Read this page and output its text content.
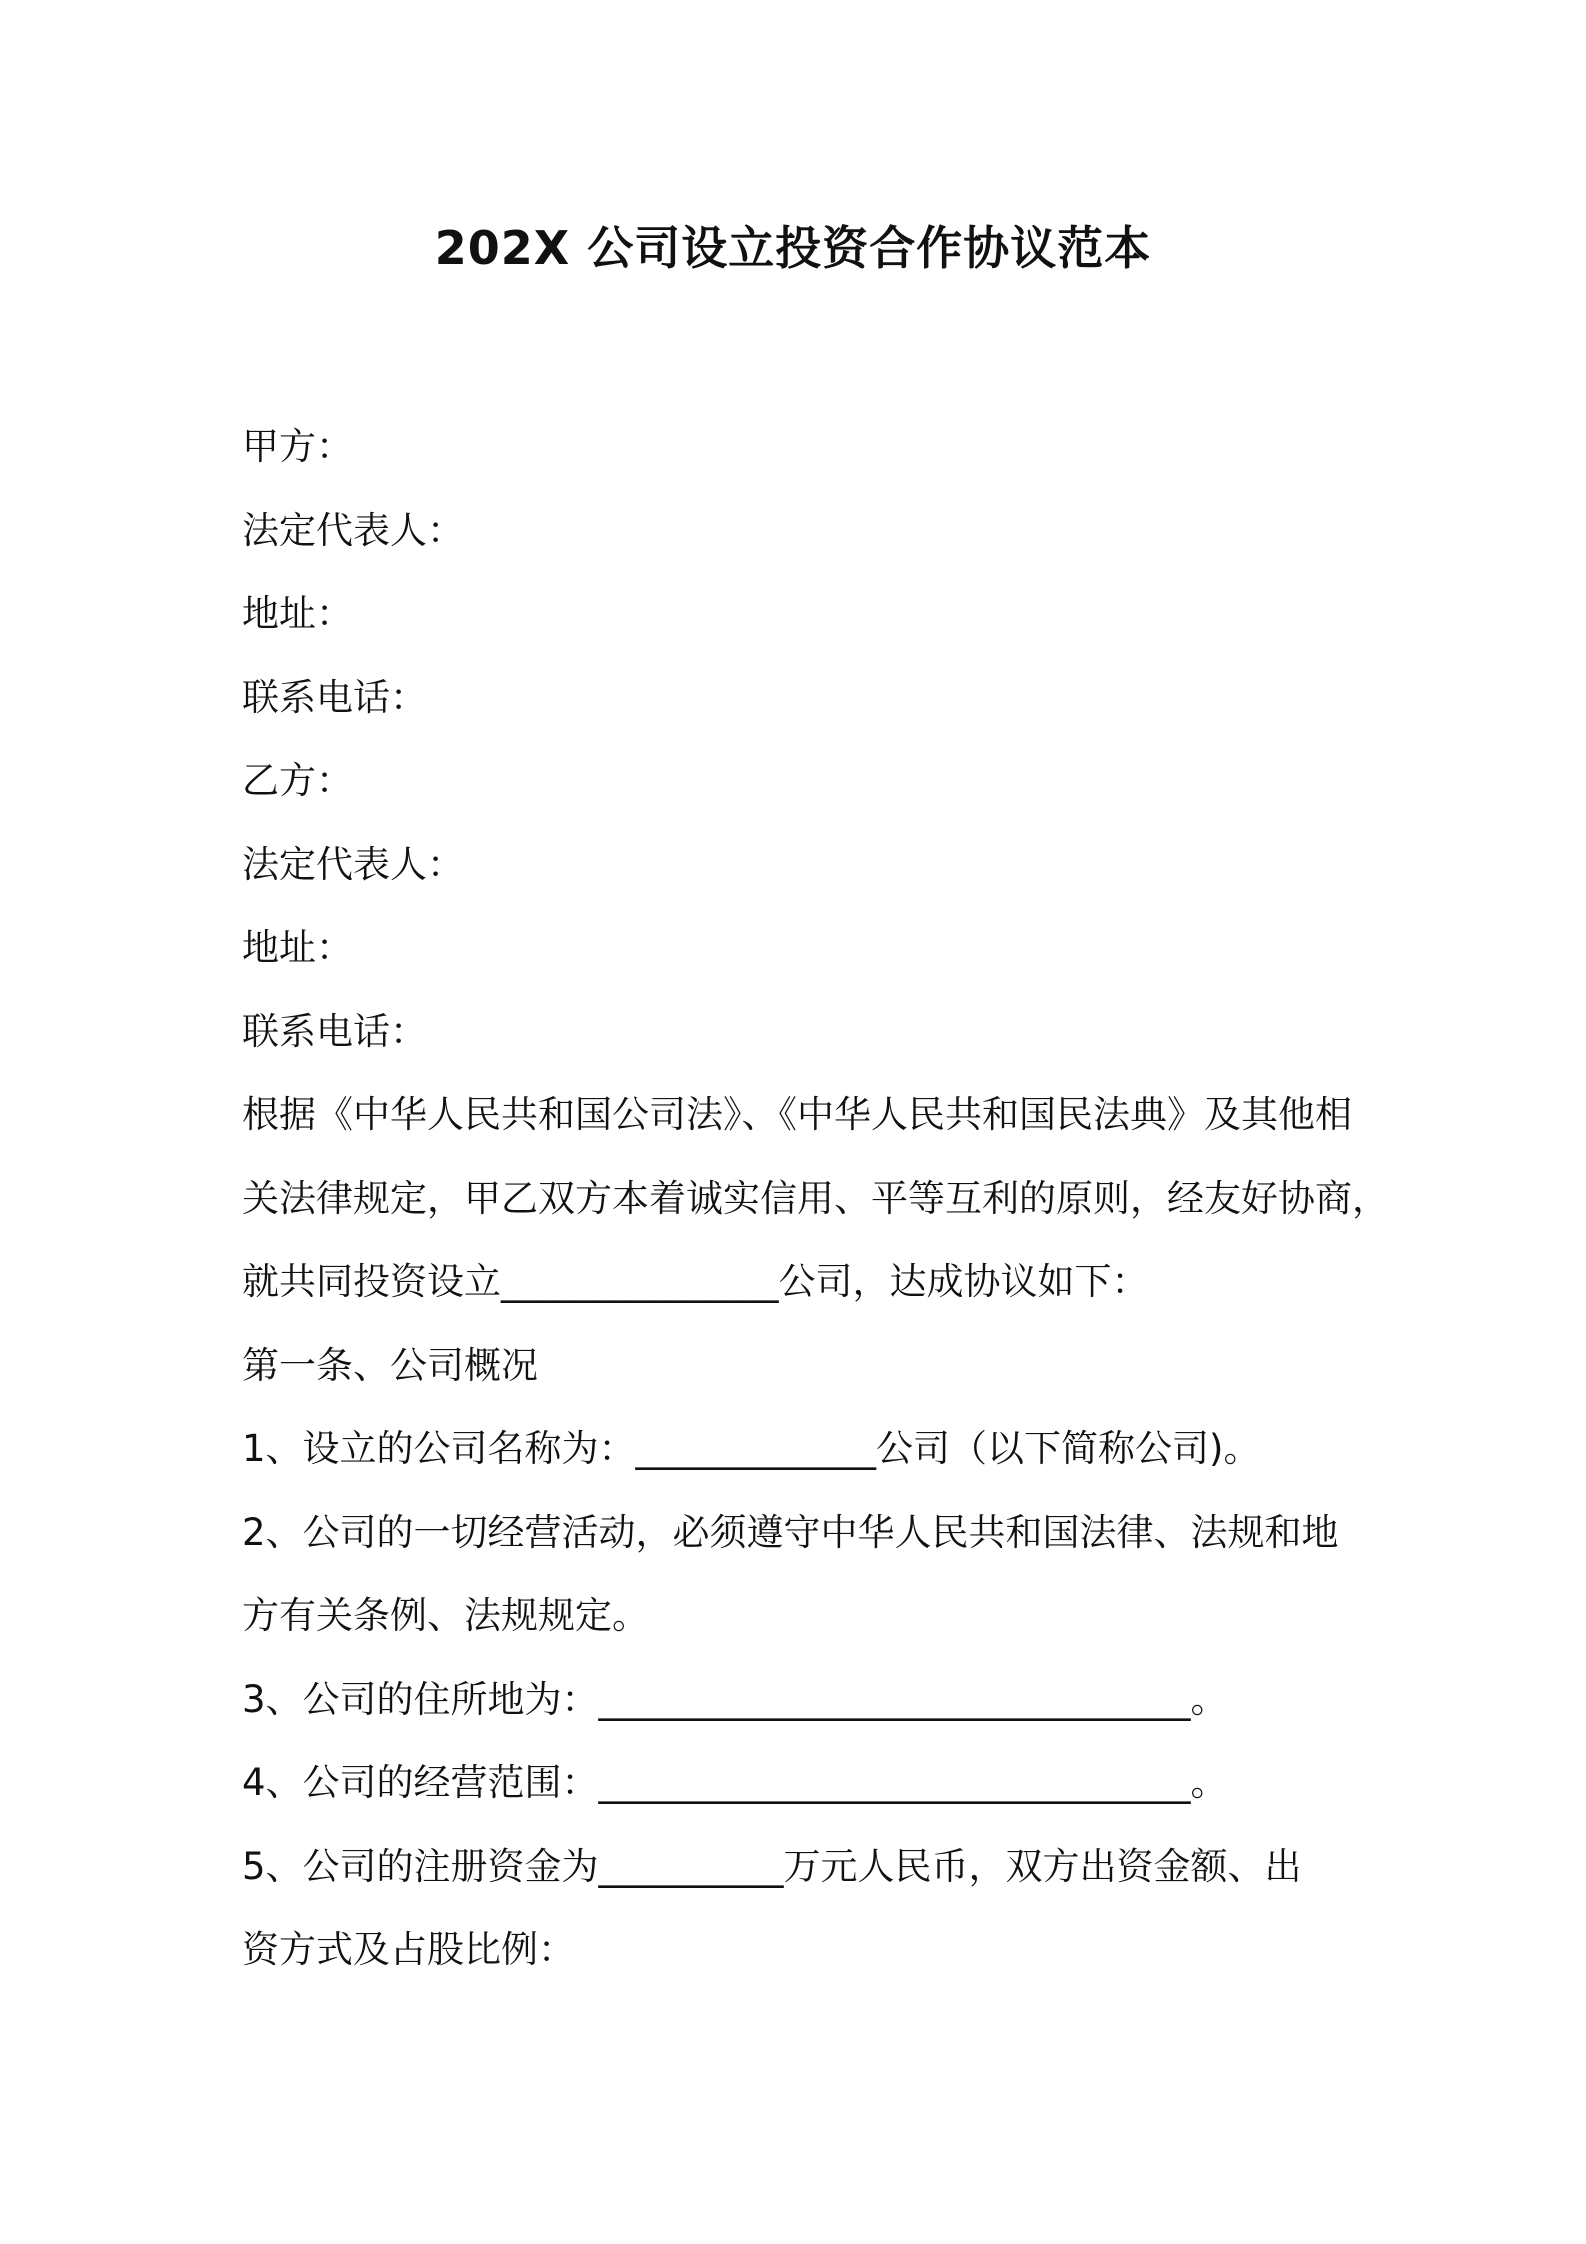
202X 公司设立投资合作协议范本
甲方：
法定代表人：
地址：
联系电话：
乙方：
法定代表人：
地址：
联系电话：
根据《中华人民共和国公司法》、《中华人民共和国民法典》及其他相
关法律规定，甲乙双方本着诚实信用、平等互利的原则，经友好协商，
就共同投资设立_______________公司，达成协议如下：
第一条、公司概况
1、设立的公司名称为：_____________公司（以下简称公司)。
2、公司的一切经营活动，必须遵守中华人民共和国法律、法规和地
方有关条例、法规规定。
3、公司的住所地为：________________________________。
4、公司的经营范围：________________________________。
5、公司的注册资金为__________万元人民币，双方出资金额、出
资方式及占股比例：
